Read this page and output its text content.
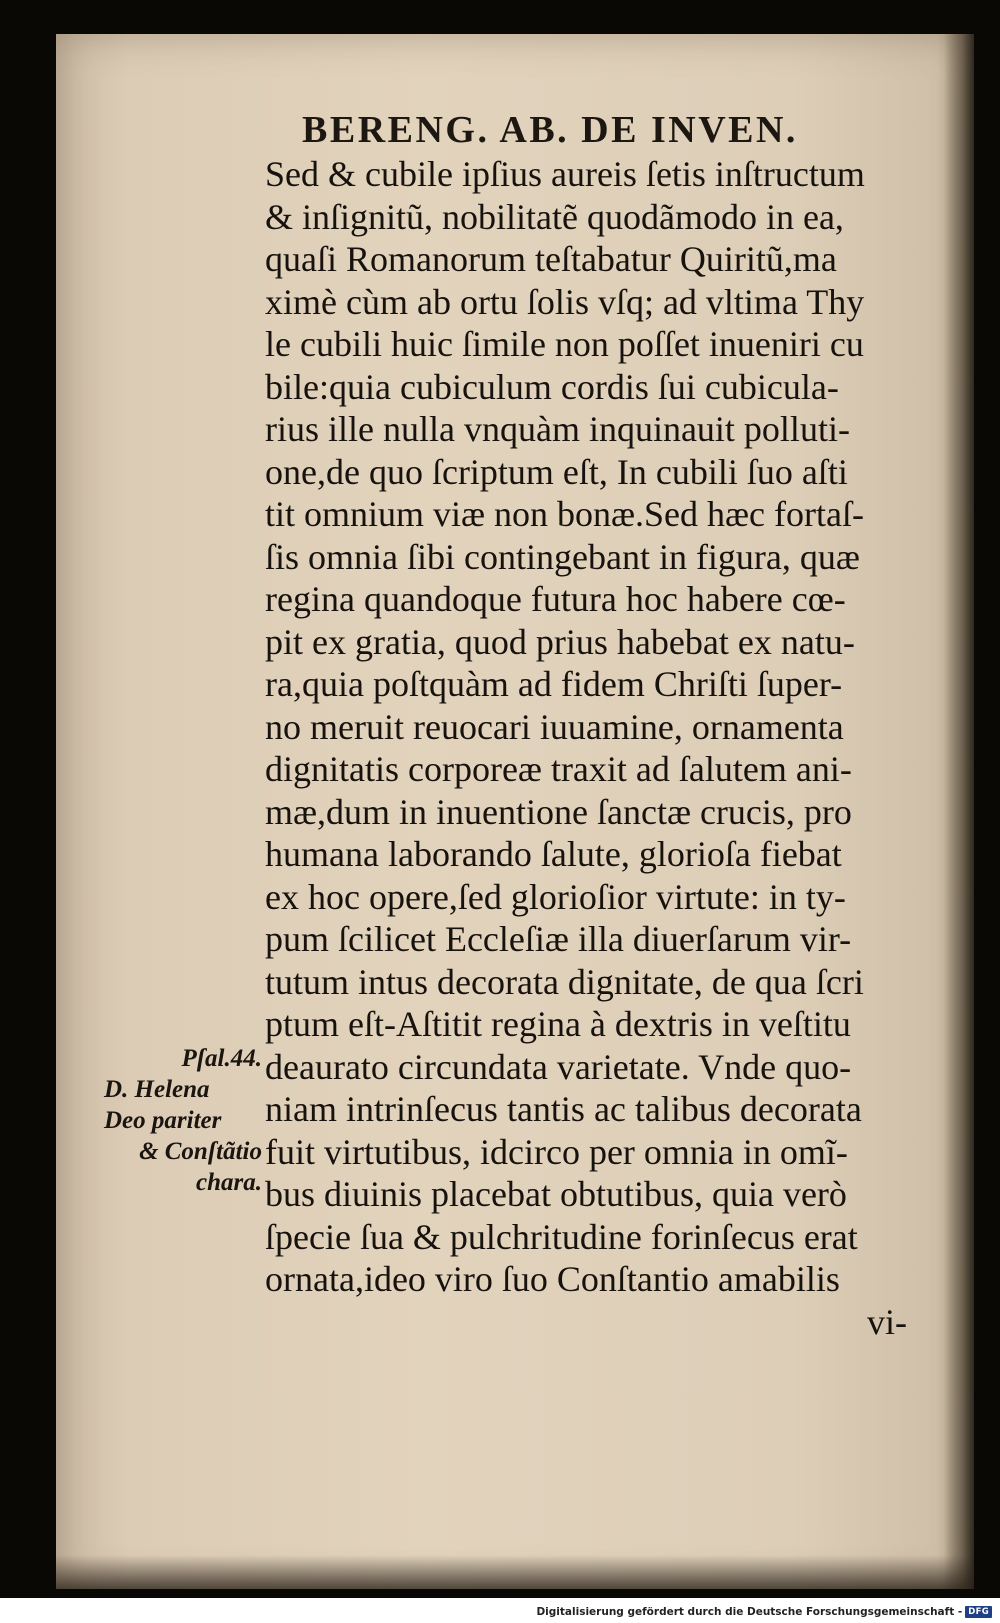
BERENG. AB. DE INVEN.
Sed & cubile ipſius aureis ſetis inſtructum
& inſignitũ, nobilitatẽ quodãmodo in ea,
quaſi Romanorum teſtabatur Quiritũ,ma
ximè cùm ab ortu ſolis vſq; ad vltima Thy
le cubili huic ſimile non poſſet inueniri cu
bile:quia cubiculum cordis ſui cubicula-
rius ille nulla vnquàm inquinauit polluti-
one,de quo ſcriptum eſt, In cubili ſuo aſti
tit omnium viæ non bonæ.Sed hæc fortaſ-
ſis omnia ſibi contingebant in figura, quæ
regina quandoque futura hoc habere cœ-
pit ex gratia, quod prius habebat ex natu-
ra,quia poſtquàm ad fidem Chriſti ſuper-
no meruit reuocari iuuamine, ornamenta
dignitatis corporeæ traxit ad ſalutem ani-
mæ,dum in inuentione ſanctæ crucis, pro
humana laborando ſalute, glorioſa fiebat
ex hoc opere,ſed glorioſior virtute: in ty-
pum ſcilicet Eccleſiæ illa diuerſarum vir-
tutum intus decorata dignitate, de qua ſcri
ptum eſt-Aſtitit regina à dextris in veſtitu
deaurato circundata varietate. Vnde quo-
niam intrinſecus tantis ac talibus decorata
fuit virtutibus, idcirco per omnia in omĩ-
bus diuinis placebat obtutibus, quia verò
ſpecie ſua & pulchritudine forinſecus erat
ornata,ideo viro ſuo Conſtantio amabilis
vi-
Pſal.44.
D. Helena
Deo pariter
& Conſtãtio
chara.
Digitalisierung gefördert durch die Deutsche Forschungsgemeinschaft - DFG
